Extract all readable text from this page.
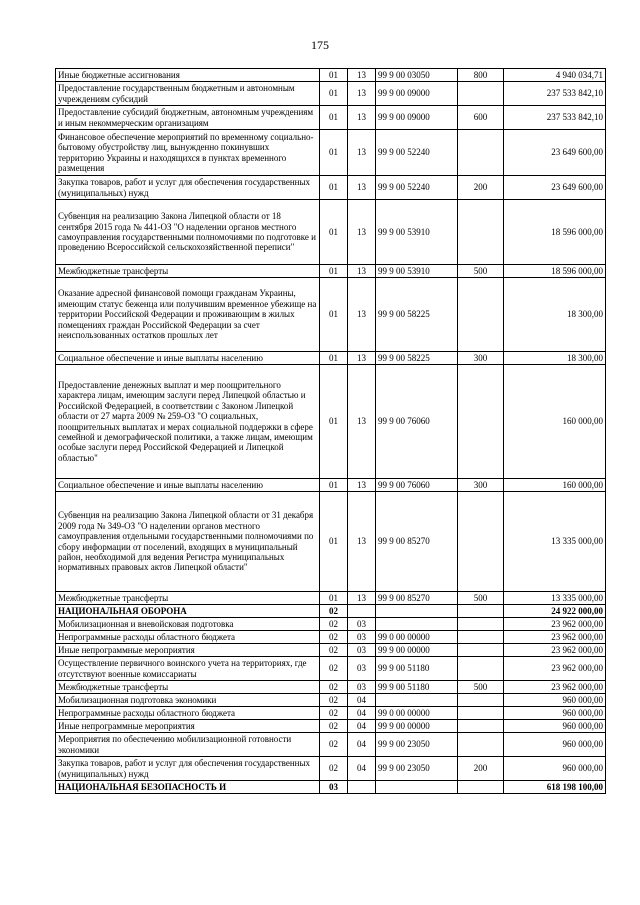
175
Иные бюджетные ассигнования	01	13	99 9 00 03050	800	4 940 034,71
Предоставление государственным бюджетным и автономным учреждениям субсидий	01	13	99 9 00 09000		237 533 842,10
Предоставление субсидий бюджетным, автономным учреждениям и иным некоммерческим организациям	01	13	99 9 00 09000	600	237 533 842,10
Финансовое обеспечение мероприятий по временному социально-бытовому обустройству лиц, вынужденно покинувших территорию Украины и находящихся в пунктах временного размещения	01	13	99 9 00 52240		23 649 600,00
Закупка товаров, работ и услуг для обеспечения государственных (муниципальных) нужд	01	13	99 9 00 52240	200	23 649 600,00
Субвенция на реализацию Закона Липецкой области от 18 сентября 2015 года № 441-ОЗ "О наделении органов местного самоуправления государственными полномочиями по подготовке и проведению Всероссийской сельскохозяйственной переписи"	01	13	99 9 00 53910		18 596 000,00
Межбюджетные трансферты	01	13	99 9 00 53910	500	18 596 000,00
Оказание адресной финансовой помощи гражданам Украины, имеющим статус беженца или получившим временное убежище на территории Российской Федерации и проживающим в жилых помещениях граждан Российской Федерации за счет неиспользованных остатков прошлых лет	01	13	99 9 00 58225		18 300,00
Социальное обеспечение и иные выплаты населению	01	13	99 9 00 58225	300	18 300,00
Предоставление денежных выплат и мер поощрительного характера лицам, имеющим заслуги перед Липецкой областью и Российской Федерацией, в соответствии с Законом Липецкой области от 27 марта 2009 № 259-ОЗ "О социальных, поощрительных выплатах и мерах социальной поддержки в сфере семейной и демографической политики, а также лицам, имеющим особые заслуги перед Российской Федерацией и Липецкой областью"	01	13	99 9 00 76060		160 000,00
Социальное обеспечение и иные выплаты населению	01	13	99 9 00 76060	300	160 000,00
Субвенция на реализацию Закона Липецкой области от 31 декабря 2009 года № 349-ОЗ "О наделении органов местного самоуправления отдельными государственными полномочиями по сбору информации от поселений, входящих в муниципальный район, необходимой для ведения Регистра муниципальных нормативных правовых актов Липецкой области"	01	13	99 9 00 85270		13 335 000,00
Межбюджетные трансферты	01	13	99 9 00 85270	500	13 335 000,00
НАЦИОНАЛЬНАЯ ОБОРОНА	02				24 922 000,00
Мобилизационная и вневойсковая подготовка	02	03			23 962 000,00
Непрограммные расходы областного бюджета	02	03	99 0 00 00000		23 962 000,00
Иные непрограммные мероприятия	02	03	99 9 00 00000		23 962 000,00
Осуществление первичного воинского учета на территориях, где отсутствуют военные комиссариаты	02	03	99 9 00 51180		23 962 000,00
Межбюджетные трансферты	02	03	99 9 00 51180	500	23 962 000,00
Мобилизационная подготовка экономики	02	04			960 000,00
Непрограммные расходы областного бюджета	02	04	99 0 00 00000		960 000,00
Иные непрограммные мероприятия	02	04	99 9 00 00000		960 000,00
Мероприятия по обеспечению мобилизационной готовности экономики	02	04	99 9 00 23050		960 000,00
Закупка товаров, работ и услуг для обеспечения государственных (муниципальных) нужд	02	04	99 9 00 23050	200	960 000,00
НАЦИОНАЛЬНАЯ БЕЗОПАСНОСТЬ И	03				618 198 100,00
